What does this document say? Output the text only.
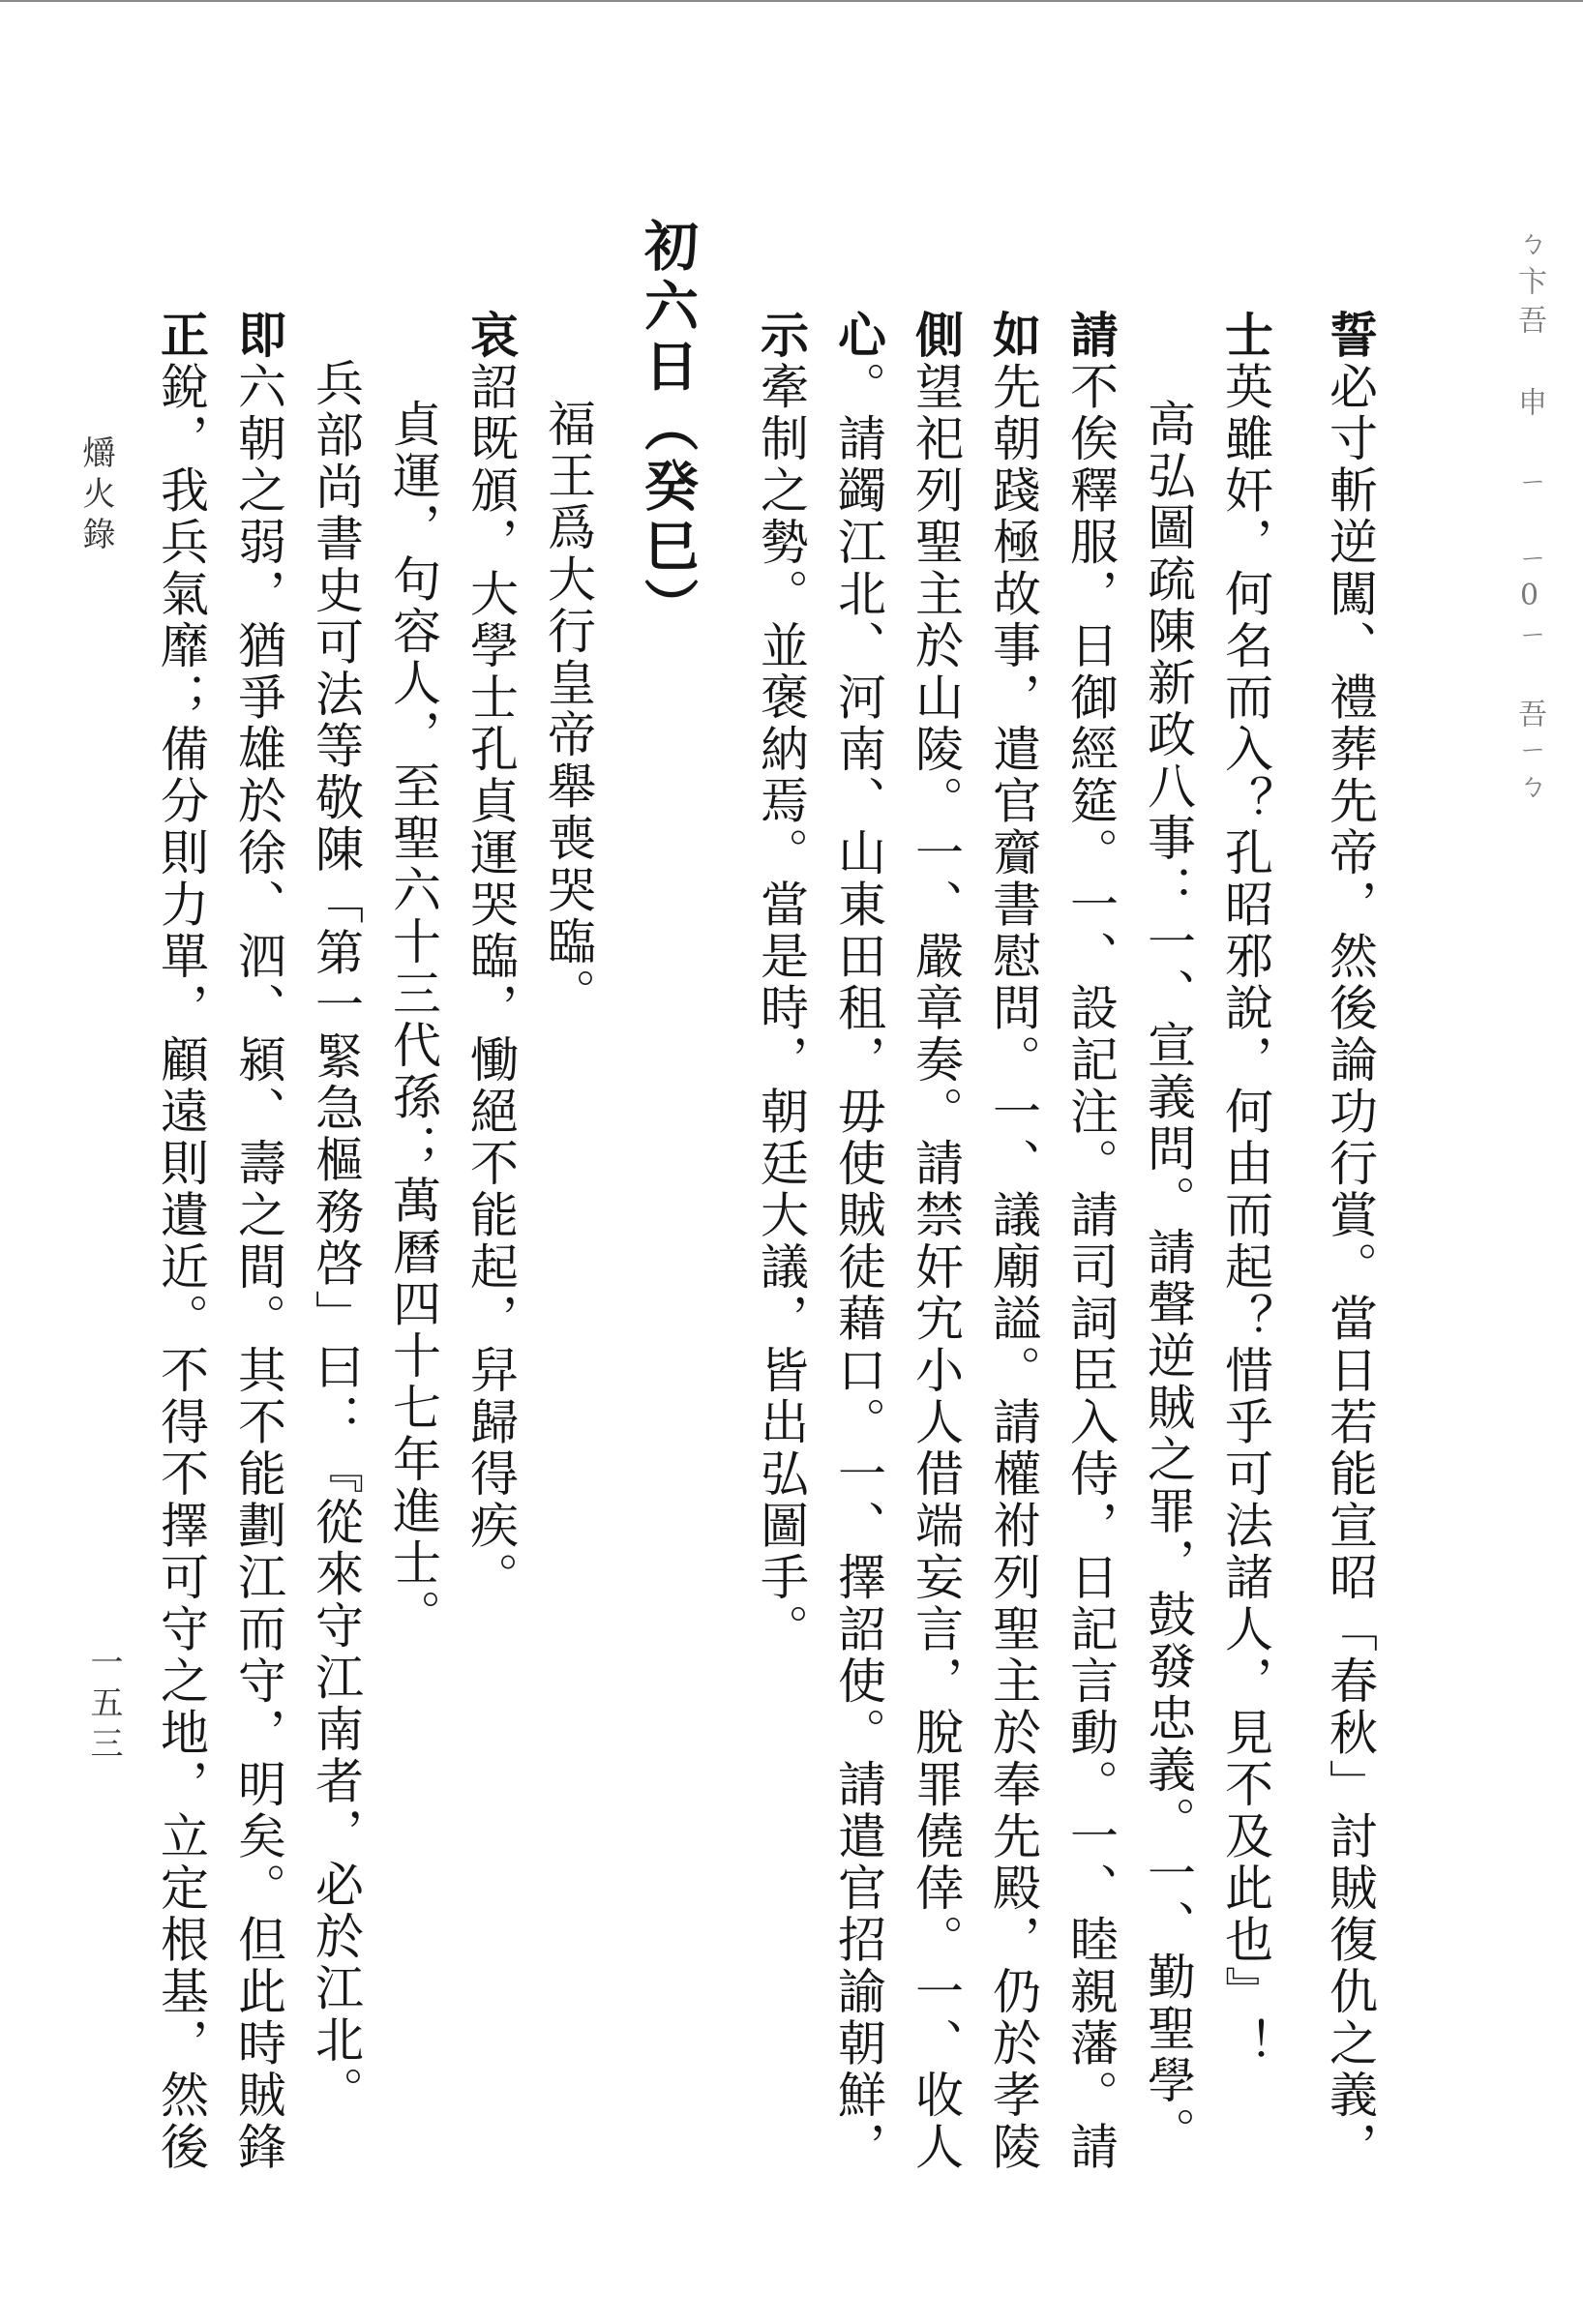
ㄅ卞吾 申 ㄧ ㄧ0ㄧ 吾ㄧㄅ
誓必寸斬逆闖、禮葬先帝，然後論功行賞。當日若能宣昭「春秋」討賊復仇之義，
士英雖奸，何名而入？孔昭邪說，何由而起？惜乎可法諸人，見不及此也』！
高弘圖疏陳新政八事：一、宣義問。請聲逆賊之罪，鼓發忠義。一、勤聖學。
請不俟釋服，日御經筵。一、設記注。請司詞臣入侍，日記言動。一、睦親藩。請
如先朝踐極故事，遣官齎書慰問。一、議廟謚。請權祔列聖主於奉先殿，仍於孝陵
側望祀列聖主於山陵。一、嚴章奏。請禁奸宄小人借端妄言，脫罪僥倖。一、收人
心。請蠲江北、河南、山東田租，毋使賊徒藉口。一、擇詔使。請遣官招諭朝鮮，
示牽制之勢。並褒納焉。當是時，朝廷大議，皆出弘圖手。
初六日（癸巳）
福王爲大行皇帝舉喪哭臨。
哀詔既頒，大學士孔貞運哭臨，慟絕不能起，舁歸得疾。
貞運，句容人，至聖六十三代孫；萬曆四十七年進士。
兵部尚書史可法等敬陳「第一緊急樞務啓」曰：『從來守江南者，必於江北。
即六朝之弱，猶爭雄於徐、泗、潁、壽之間。其不能劃江而守，明矣。但此時賊鋒
正銳，我兵氣靡；備分則力單，顧遠則遺近。不得不擇可守之地，立定根基，然後
爝火錄
一五三
